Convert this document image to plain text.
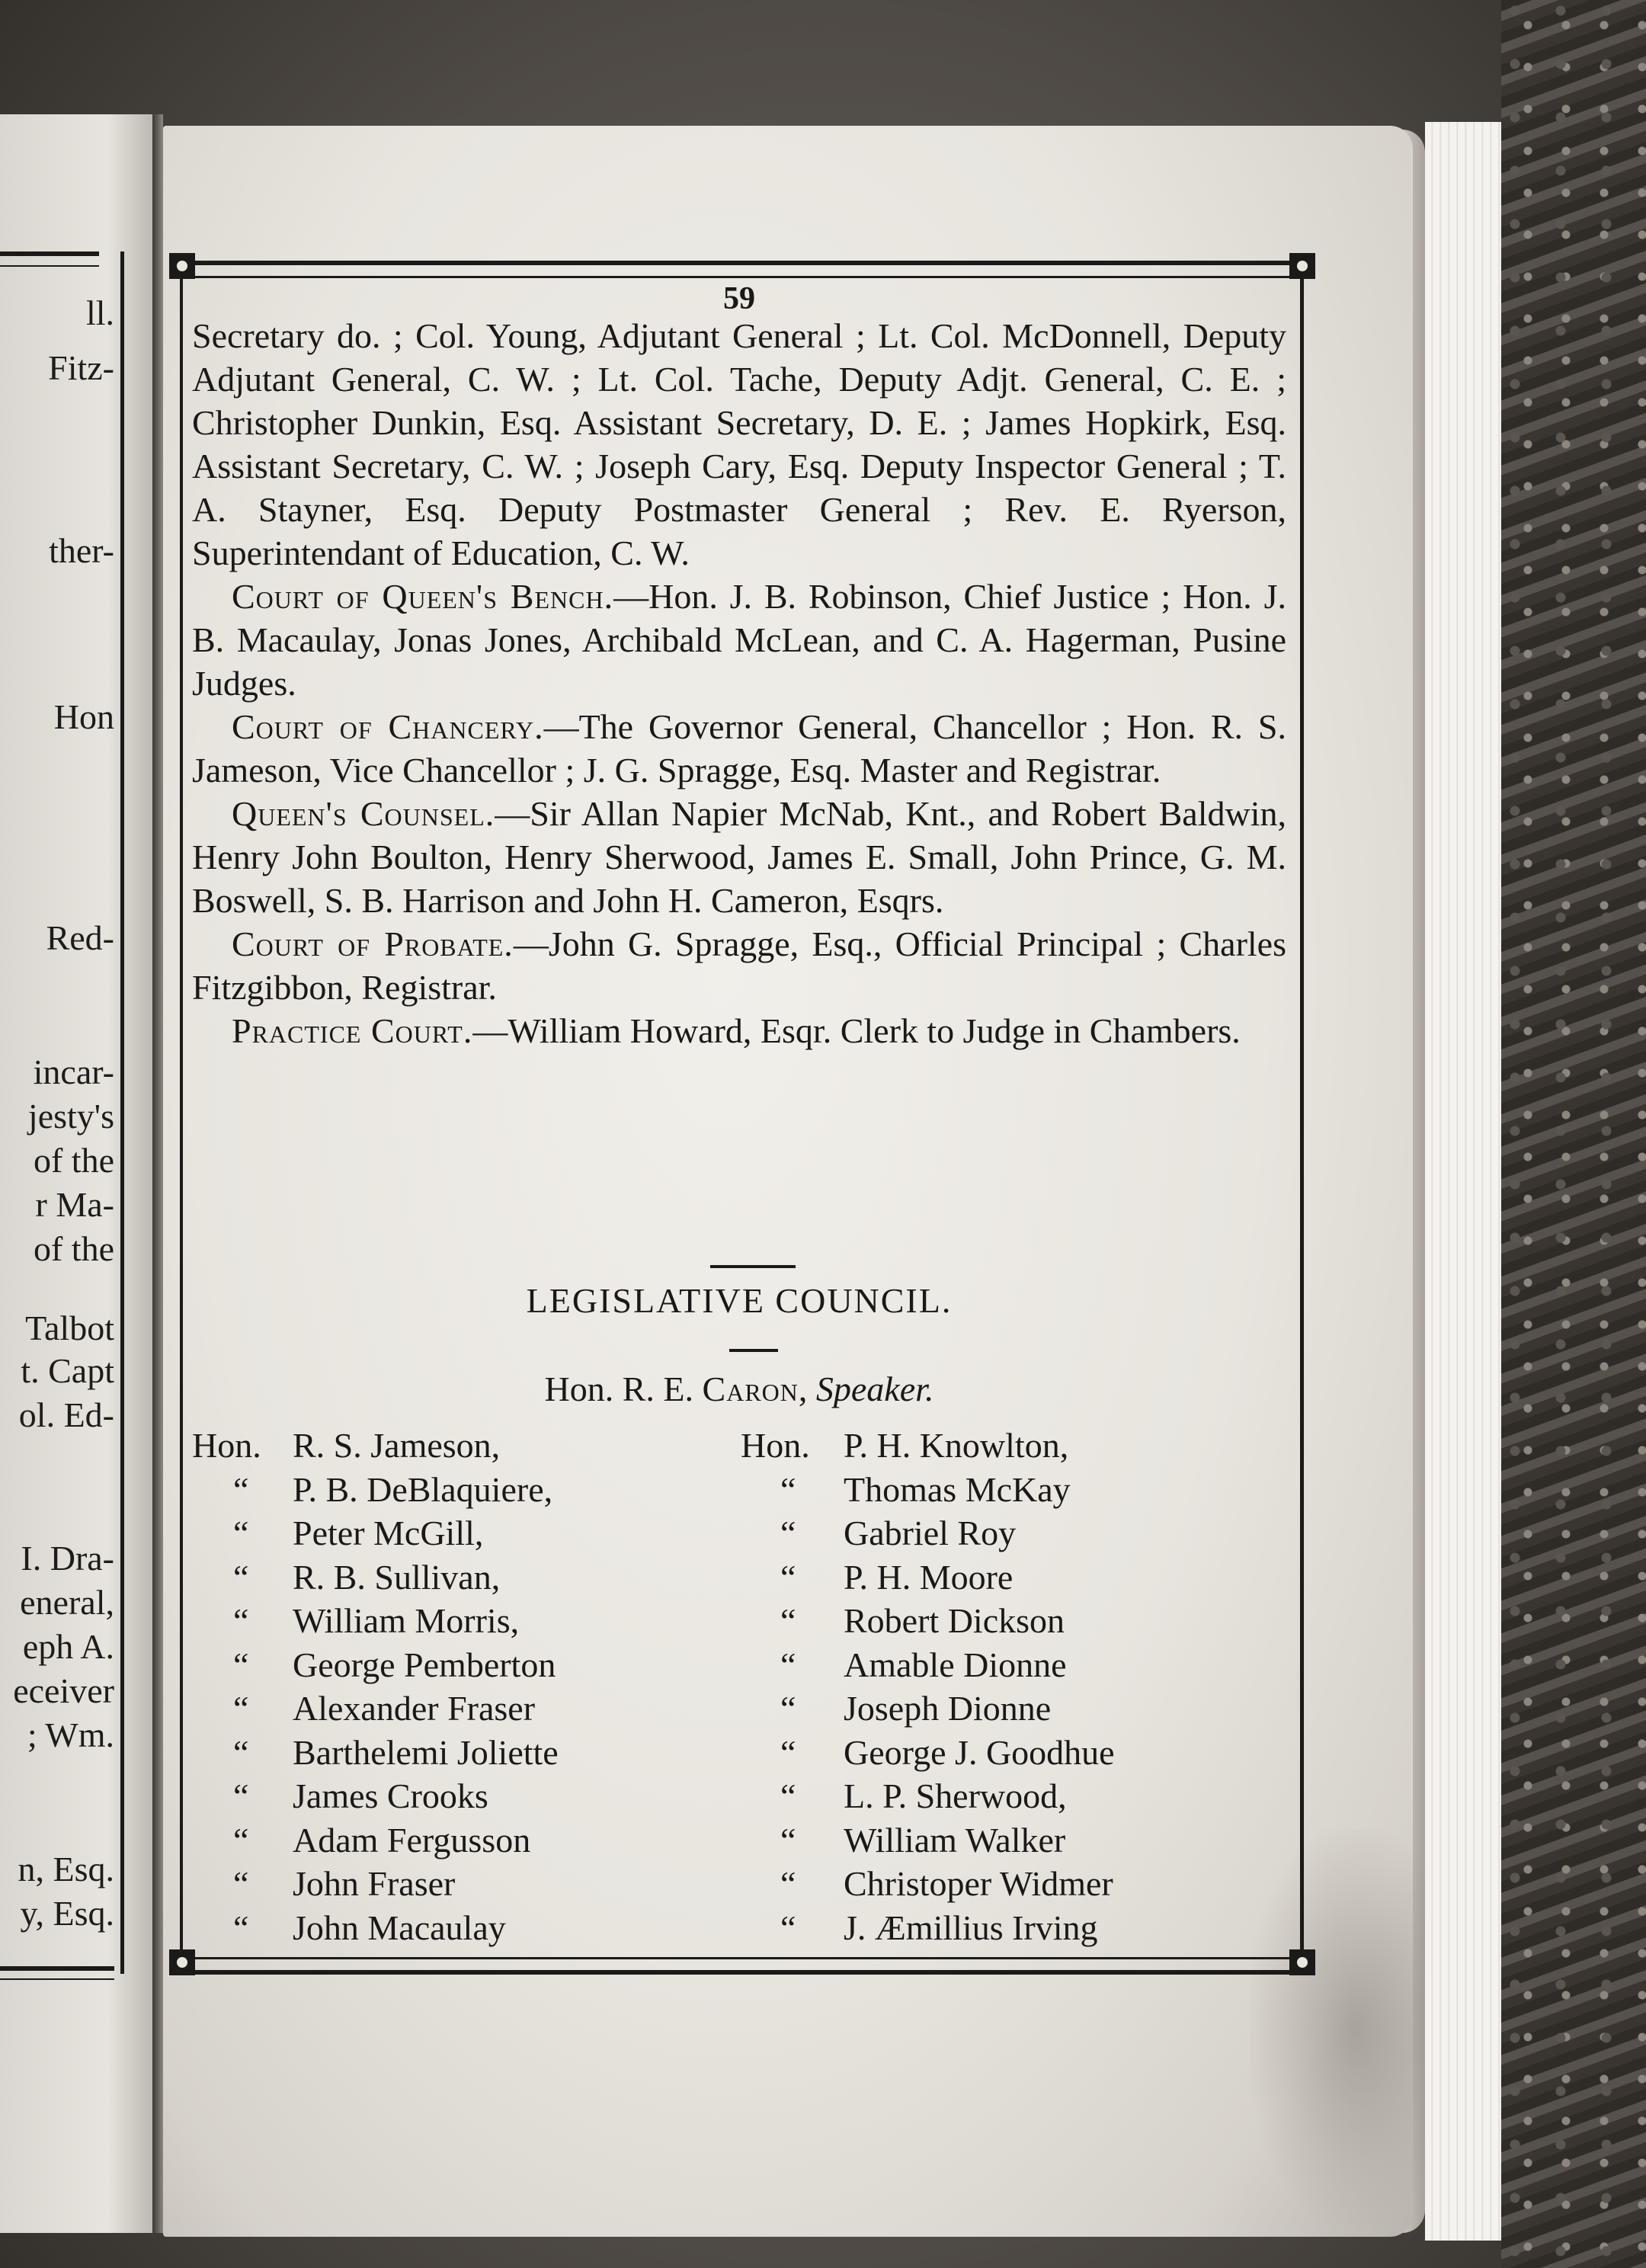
ll.
Fitz-
ther-
Hon
Red-
incar-
jesty's
of the
r Ma-
of the
Talbot
t. Capt
ol. Ed-
I. Dra-
eneral,
eph A.
eceiver
; Wm.
n, Esq.
y, Esq.
59

Secretary do. ; Col. Young, Adjutant General ; Lt. Col. McDonnell, Deputy Adjutant General, C. W. ; Lt. Col. Tache, Deputy Adjt. General, C. E. ; Christopher Dunkin, Esq. Assistant Secretary, D. E. ; James Hopkirk, Esq. Assistant Secretary, C. W. ; Joseph Cary, Esq. Deputy Inspector General ; T. A. Stayner, Esq. Deputy Postmaster General ; Rev. E. Ryerson, Superintendant of Education, C. W.

Court of Queen's Bench.—Hon. J. B. Robinson, Chief Justice ; Hon. J. B. Macaulay, Jonas Jones, Archibald McLean, and C. A. Hagerman, Pusine Judges.

Court of Chancery.—The Governor General, Chancellor ; Hon. R. S. Jameson, Vice Chancellor ; J. G. Spragge, Esq. Master and Registrar.

Queen's Counsel.—Sir Allan Napier McNab, Knt., and Robert Baldwin, Henry John Boulton, Henry Sherwood, James E. Small, John Prince, G. M. Boswell, S. B. Harrison and John H. Cameron, Esqrs.

Court of Probate.—John G. Spragge, Esq., Official Principal ; Charles Fitzgibbon, Registrar.

Practice Court.—William Howard, Esqr. Clerk to Judge in Chambers.

LEGISLATIVE COUNCIL.
Hon. R. E. Caron, Speaker.
Hon. R. S. Jameson,	Hon. P. H. Knowlton,
“ P. B. DeBlaquiere,	“ Thomas McKay
“ Peter McGill,	“ Gabriel Roy
“ R. B. Sullivan,	“ P. H. Moore
“ William Morris,	“ Robert Dickson
“ George Pemberton	“ Amable Dionne
“ Alexander Fraser	“ Joseph Dionne
“ Barthelemi Joliette	“ George J. Goodhue
“ James Crooks	“ L. P. Sherwood,
“ Adam Fergusson	“ William Walker
“ John Fraser	“ Christoper Widmer
“ John Macaulay	“ J. Æmillius Irving
